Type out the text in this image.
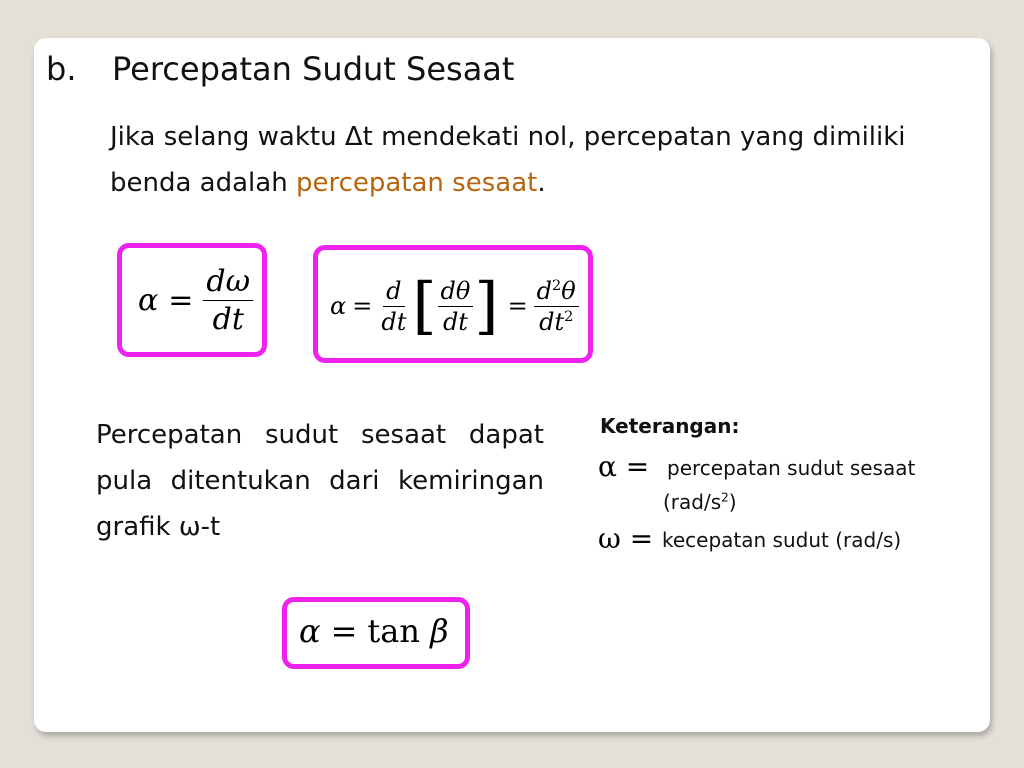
b. Percepatan Sudut Sesaat
Jika selang waktu Δt mendekati nol, percepatan yang dimiliki benda adalah percepatan sesaat.
$\alpha = \frac{d\omega}{dt}$	$\alpha = \frac{d}{dt}$ [ $\frac{d\theta}{dt}$ ] = $\frac{d^2\theta}{dt^2}$
Percepatan sudut sesaat dapat pula ditentukan dari kemiringan grafik ω-t
Keterangan:
α = percepatan sudut sesaat
$(rad/s^2)$
ω = kecepatan sudut (rad/s)
α = tan β
